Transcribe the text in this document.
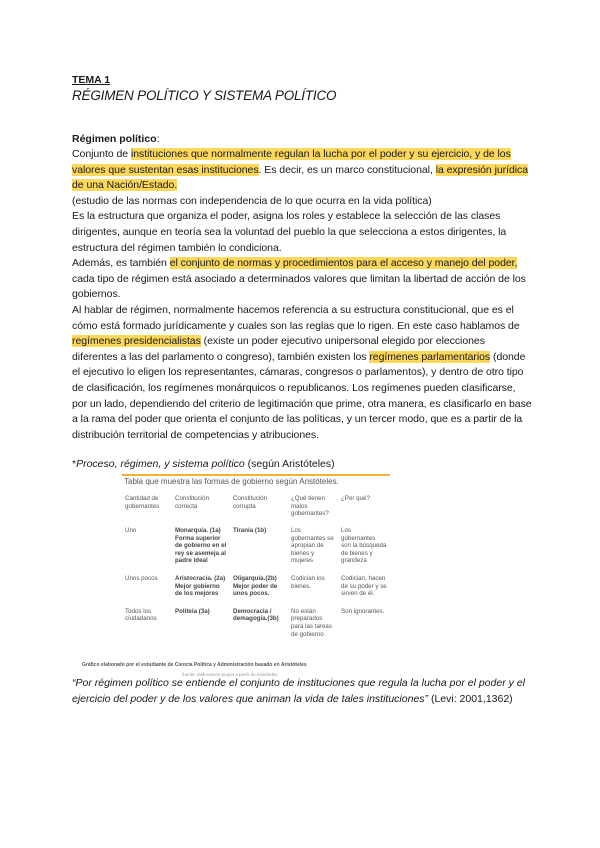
TEMA 1
RÉGIMEN POLÍTICO Y SISTEMA POLÍTICO
Régimen político:
Conjunto de instituciones que normalmente regulan la lucha por el poder y su ejercicio, y de los valores que sustentan esas instituciones. Es decir, es un marco constitucional, la expresión jurídica de una Nación/Estado.
(estudio de las normas con independencia de lo que ocurra en la vida política)
Es la estructura que organiza el poder, asigna los roles y establece la selección de las clases dirigentes, aunque en teoría sea la voluntad del pueblo la que selecciona a estos dirigentes, la estructura del régimen también lo condiciona.
Además, es también el conjunto de normas y procedimientos para el acceso y manejo del poder, cada tipo de régimen está asociado a determinados valores que limitan la libertad de acción de los gobiernos.
Al hablar de régimen, normalmente hacemos referencia a su estructura constitucional, que es el cómo está formado jurídicamente y cuales son las reglas que lo rigen. En este caso hablamos de regímenes presidencialistas (existe un poder ejecutivo unipersonal elegido por elecciones diferentes a las del parlamento o congreso), también existen los regímenes parlamentarios (donde el ejecutivo lo eligen los representantes, cámaras, congresos o parlamentos), y dentro de otro tipo de clasificación, los regímenes monárquicos o republicanos. Los regímenes pueden clasificarse, por un lado, dependiendo del criterio de legitimación que prime, otra manera, es clasificarlo en base a la rama del poder que orienta el conjunto de las políticas, y un tercer modo, que es a partir de la distribución territorial de competencias y atribuciones.
*Proceso, régimen, y sistema político (según Aristóteles)
Tabla que muestra las formas de gobierno según Aristóteles.
Cantidad de gobernantes	Constitución correcta	Constitución corrupta	¿Qué tienen malos gobernantes?	¿Por qué?
Uno	Monarquía. (1a) Forma superior de gobierno en el rey se asemeja al padre ideal	Tiranía (1b)	Los gobernantes se apropian de bienes y mujeres	Los gobernantes son la búsqueda de bienes y grandeza
Unos pocos	Aristocracia. (2a) Mejor gobierno de los mejores	Oligarquía.(2b) Mejor poder de unos pocos.	Codician los bienes.	Codician, hacen de su poder y se sirven de él.
Todos los ciudadanos	Politeia (3a)	Democracia / demagogia.(3b)	No están preparados para las tareas de gobierno	Son ignorantes.
Gráfico elaborado por el estudiante de Ciencia Política y Administración basado en Aristóteles
fuente: elaboración propia a partir de Aristóteles
“Por régimen político se entiende el conjunto de instituciones que regula la lucha por el poder y el ejercicio del poder y de los valores que animan la vida de tales instituciones” (Levi: 2001,1362)
